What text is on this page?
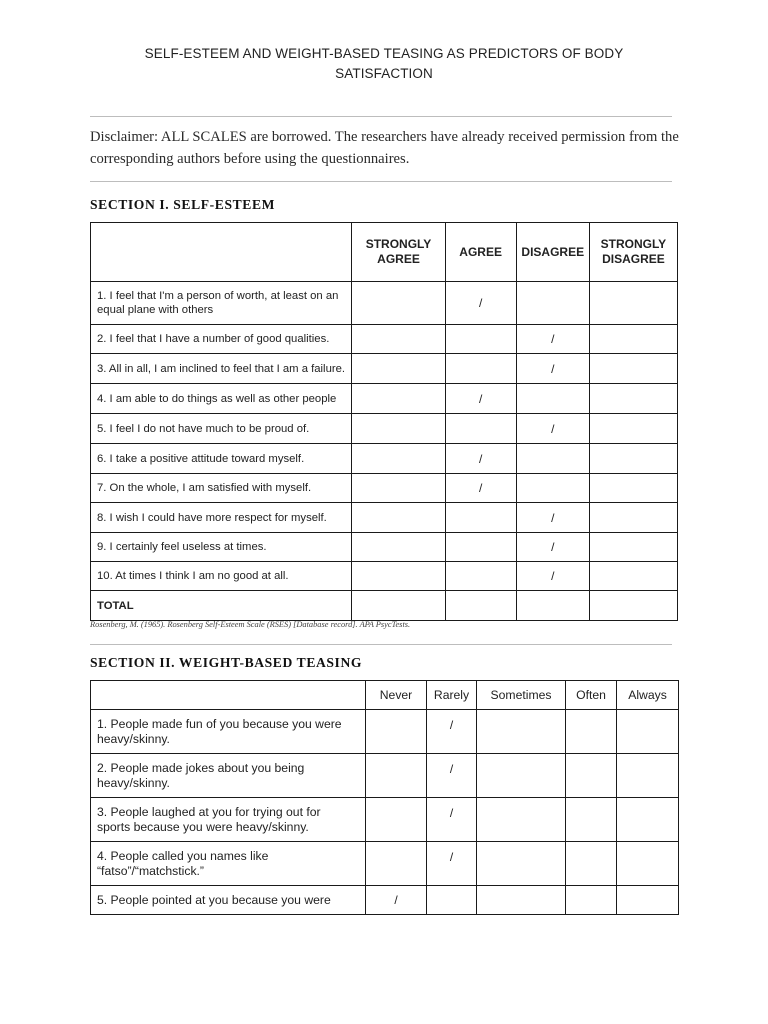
SELF-ESTEEM AND WEIGHT-BASED TEASING AS PREDICTORS OF BODY
SATISFACTION
Disclaimer: ALL SCALES are borrowed. The researchers have already received permission from the corresponding authors before using the questionnaires.
SECTION I. SELF-ESTEEM
	STRONGLY AGREE	AGREE	DISAGREE	STRONGLY DISAGREE
1. I feel that I'm a person of worth, at least on an equal plane with others		/		
2. I feel that I have a number of good qualities.			/	
3. All in all, I am inclined to feel that I am a failure.			/	
4. I am able to do things as well as other people		/		
5. I feel I do not have much to be proud of.			/	
6. I take a positive attitude toward myself.		/		
7. On the whole, I am satisfied with myself.		/		
8. I wish I could have more respect for myself.			/	
9. I certainly feel useless at times.			/	
10. At times I think I am no good at all.			/	
TOTAL				
Rosenberg, M. (1965). Rosenberg Self-Esteem Scale (RSES) [Database record]. APA PsycTests.
SECTION II. WEIGHT-BASED TEASING
	Never	Rarely	Sometimes	Often	Always
1. People made fun of you because you were heavy/skinny.		/			
2. People made jokes about you being heavy/skinny.		/			
3. People laughed at you for trying out for sports because you were heavy/skinny.		/			
4. People called you names like “fatso”/“matchstick.”		/			
5. People pointed at you because you were	/				
